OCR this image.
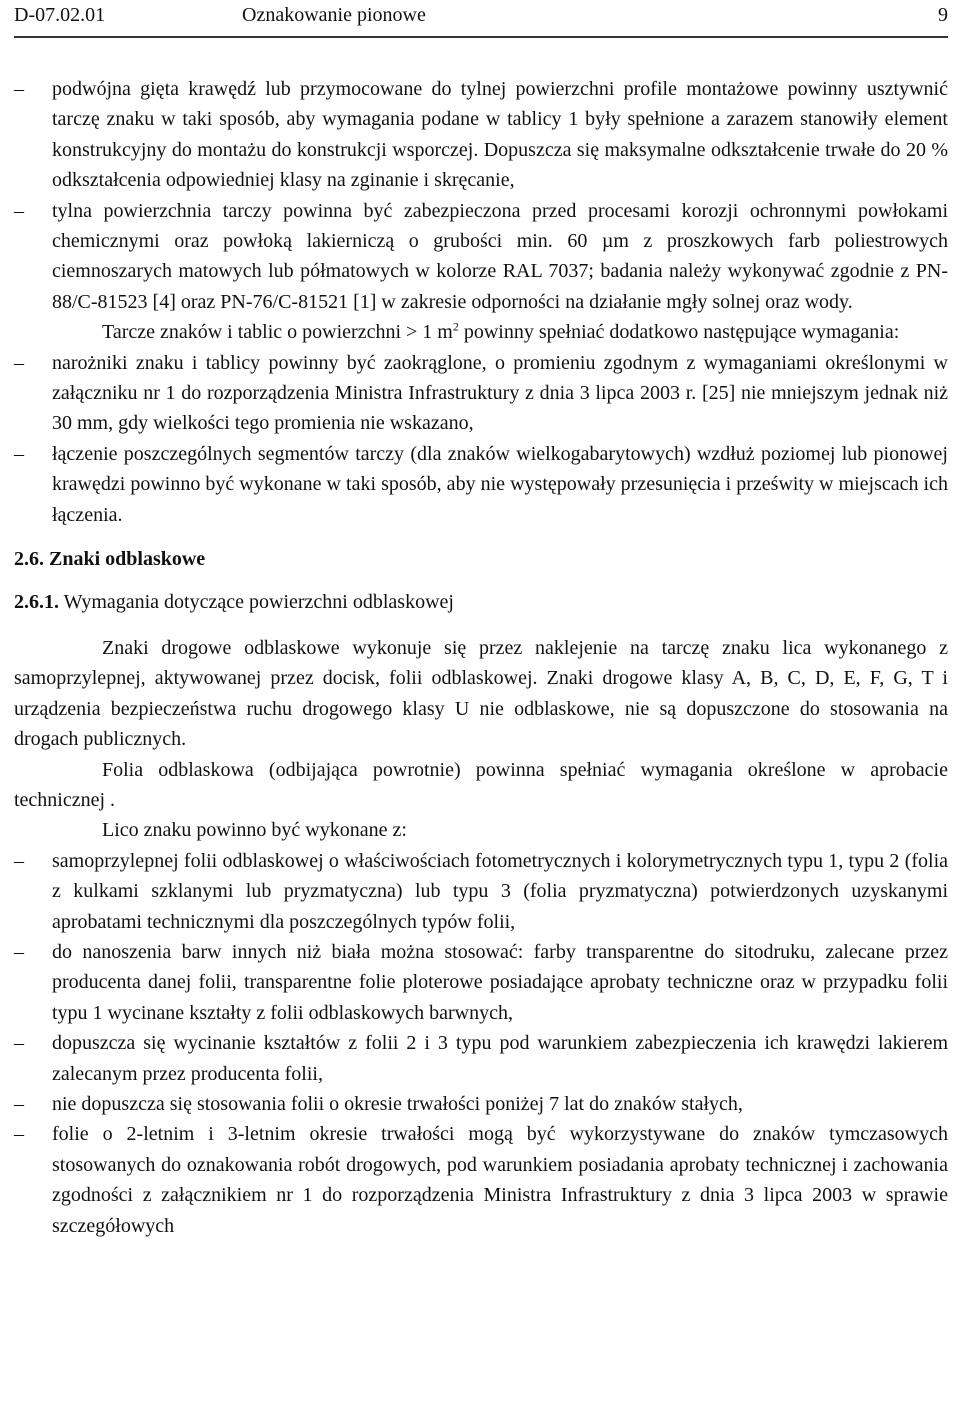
D-07.02.01	Oznakowanie pionowe	9

– podwójna gięta krawędź lub przymocowane do tylnej powierzchni profile montażowe powinny usztywnić tarczę znaku w taki sposób, aby wymagania podane w tablicy 1 były spełnione a zarazem stanowiły element konstrukcyjny do montażu do konstrukcji wsporczej. Dopuszcza się maksymalne odkształcenie trwałe do 20 % odkształcenia odpowiedniej klasy na zginanie i skręcanie,

– tylna powierzchnia tarczy powinna być zabezpieczona przed procesami korozji ochronnymi powłokami chemicznymi oraz powłoką lakierniczą o grubości min. 60 µm z proszkowych farb poliestrowych ciemnoszarych matowych lub półmatowych w kolorze RAL 7037; badania należy wykonywać zgodnie z PN-88/C-81523 [4] oraz PN-76/C-81521 [1] w zakresie odporności na działanie mgły solnej oraz wody.

Tarcze znaków i tablic o powierzchni > 1 $m^2$ powinny spełniać dodatkowo następujące wymagania:

– narożniki znaku i tablicy powinny być zaokrąglone, o promieniu zgodnym z wymaganiami określonymi w załączniku nr 1 do rozporządzenia Ministra Infrastruktury z dnia 3 lipca 2003 r. [25] nie mniejszym jednak niż 30 mm, gdy wielkości tego promienia nie wskazano,

– łączenie poszczególnych segmentów tarczy (dla znaków wielkogabarytowych) wzdłuż poziomej lub pionowej krawędzi powinno być wykonane w taki sposób, aby nie występowały przesunięcia i prześwity w miejscach ich łączenia.

2.6. Znaki odblaskowe

2.6.1. Wymagania dotyczące powierzchni odblaskowej

Znaki drogowe odblaskowe wykonuje się przez naklejenie na tarczę znaku lica wykonanego z samoprzylepnej, aktywowanej przez docisk, folii odblaskowej. Znaki drogowe klasy A, B, C, D, E, F, G, T i urządzenia bezpieczeństwa ruchu drogowego klasy U nie odblaskowe, nie są dopuszczone do stosowania na drogach publicznych.

Folia odblaskowa (odbijająca powrotnie) powinna spełniać wymagania określone w aprobacie technicznej .

Lico znaku powinno być wykonane z:

– samoprzylepnej folii odblaskowej o właściwościach fotometrycznych i kolorymetrycznych typu 1, typu 2 (folia z kulkami szklanymi lub pryzmatyczna) lub typu 3 (folia pryzmatyczna) potwierdzonych uzyskanymi aprobatami technicznymi dla poszczególnych typów folii,

– do nanoszenia barw innych niż biała można stosować: farby transparentne do sitodruku, zalecane przez producenta danej folii, transparentne folie ploterowe posiadające aprobaty techniczne oraz w przypadku folii typu 1 wycinane kształty z folii odblaskowych barwnych,

– dopuszcza się wycinanie kształtów z folii 2 i 3 typu pod warunkiem zabezpieczenia ich krawędzi lakierem zalecanym przez producenta folii,

– nie dopuszcza się stosowania folii o okresie trwałości poniżej 7 lat do znaków stałych,

– folie o 2-letnim i 3-letnim okresie trwałości mogą być wykorzystywane do znaków tymczasowych stosowanych do oznakowania robót drogowych, pod warunkiem posiadania aprobaty technicznej i zachowania zgodności z załącznikiem nr 1 do rozporządzenia Ministra Infrastruktury z dnia 3 lipca 2003 w sprawie szczegółowych
